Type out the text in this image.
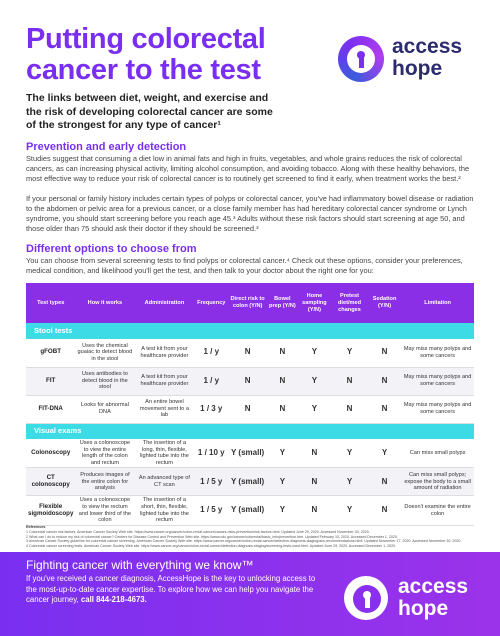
Putting colorectal cancer to the test
access
hope
The links between diet, weight, and exercise and the risk of developing colorectal cancer are some of the strongest for any type of cancer¹
Prevention and early detection
Studies suggest that consuming a diet low in animal fats and high in fruits, vegetables, and whole grains reduces the risk of colorectal cancers, as can increasing physical activity, limiting alcohol consumption, and avoiding tobacco. Along with these healthy behaviors, the most effective way to reduce your risk of colorectal cancer is to routinely get screened to find it early, when treatment works the best.²
If your personal or family history includes certain types of polyps or colorectal cancer, you've had inflammatory bowel disease or radiation to the abdomen or pelvic area for a previous cancer, or a close family member has had hereditary colorectal cancer syndrome or Lynch syndrome, you should start screening before you reach age 45.³ Adults without these risk factors should start screening at age 50, and those older than 75 should ask their doctor if they should be screened.³
Different options to choose from
You can choose from several screening tests to find polyps or colorectal cancer.⁴ Check out these options, consider your preferences, medical condition, and likelihood you'll get the test, and then talk to your doctor about the right one for you:
Test types	How it works	Administration	Frequency	Direct risk to colon (Y/N)	Bowel prep (Y/N)	Home sampling (Y/N)	Pretest diet/med changes	Sedation (Y/N)	Limitation
Stool tests									
gFOBT	Uses the chemical guaiac to detect blood in the stool	A test kit from your healthcare provider	1 / y	N	N	Y	Y	N	May miss many polyps and some cancers
FIT	Uses antibodies to detect blood in the stool	A test kit from your healthcare provider	1 / y	N	N	Y	N	N	May miss many polyps and some cancers
FIT-DNA	Looks for abnormal DNA	An entire bowel movement sent to a lab	1 / 3 y	N	N	Y	N	N	May miss many polyps and some cancers
Visual exams									
Colonoscopy	Uses a colonoscope to view the entire length of the colon and rectum	The insertion of a long, thin, flexible, lighted tube into the rectum	1 / 10 y	Y (small)	Y	N	Y	Y	Can miss small polyps
CT colonoscopy	Produces images of the entire colon for analysis	An advanced type of CT scan	1 / 5 y	Y (small)	Y	N	Y	N	Can miss small polyps; expose the body to a small amount of radiation
Flexible sigmoidoscopy	Uses a colonoscope to view the rectum and lower third of the colon	The insertion of a short, thin, flexible, lighted tube into the rectum	1 / 5 y	Y (small)	Y	N	Y	N	Doesn't examine the entire colon
References
1 Colorectal cancer risk factors. American Cancer Society Web site. https://www.cancer.org/cancer/colon-rectal-cancer/causes-risks-prevention/risk-factors.html. Updated June 29, 2020. Accessed November 30, 2020.
2 What can I do to reduce my risk of colorectal cancer? Centers for Disease Control and Prevention Web site. https://www.cdc.gov/cancer/colorectal/basic_info/prevention.htm. Updated February 10, 2020. Accessed December 1, 2020.
3 American Cancer Society guideline for colorectal cancer screening. American Cancer Society Web site. https://www.cancer.org/cancer/colon-rectal-cancer/detection-diagnosis-staging/acs-recommendations.html. Updated November 17, 2020. Accessed November 30, 2020.
4 Colorectal cancer screening tests. American Cancer Society Web site. https://www.cancer.org/cancer/colon-rectal-cancer/detection-diagnosis-staging/screening-tests-used.html. Updated June 29, 2020. Accessed December 1, 2020.
Fighting cancer with everything we know™
If you've received a cancer diagnosis, AccessHope is the key to unlocking access to the most-up-to-date cancer expertise. To explore how we can help you navigate the cancer journey, call 844-218-4673.
access
hope
